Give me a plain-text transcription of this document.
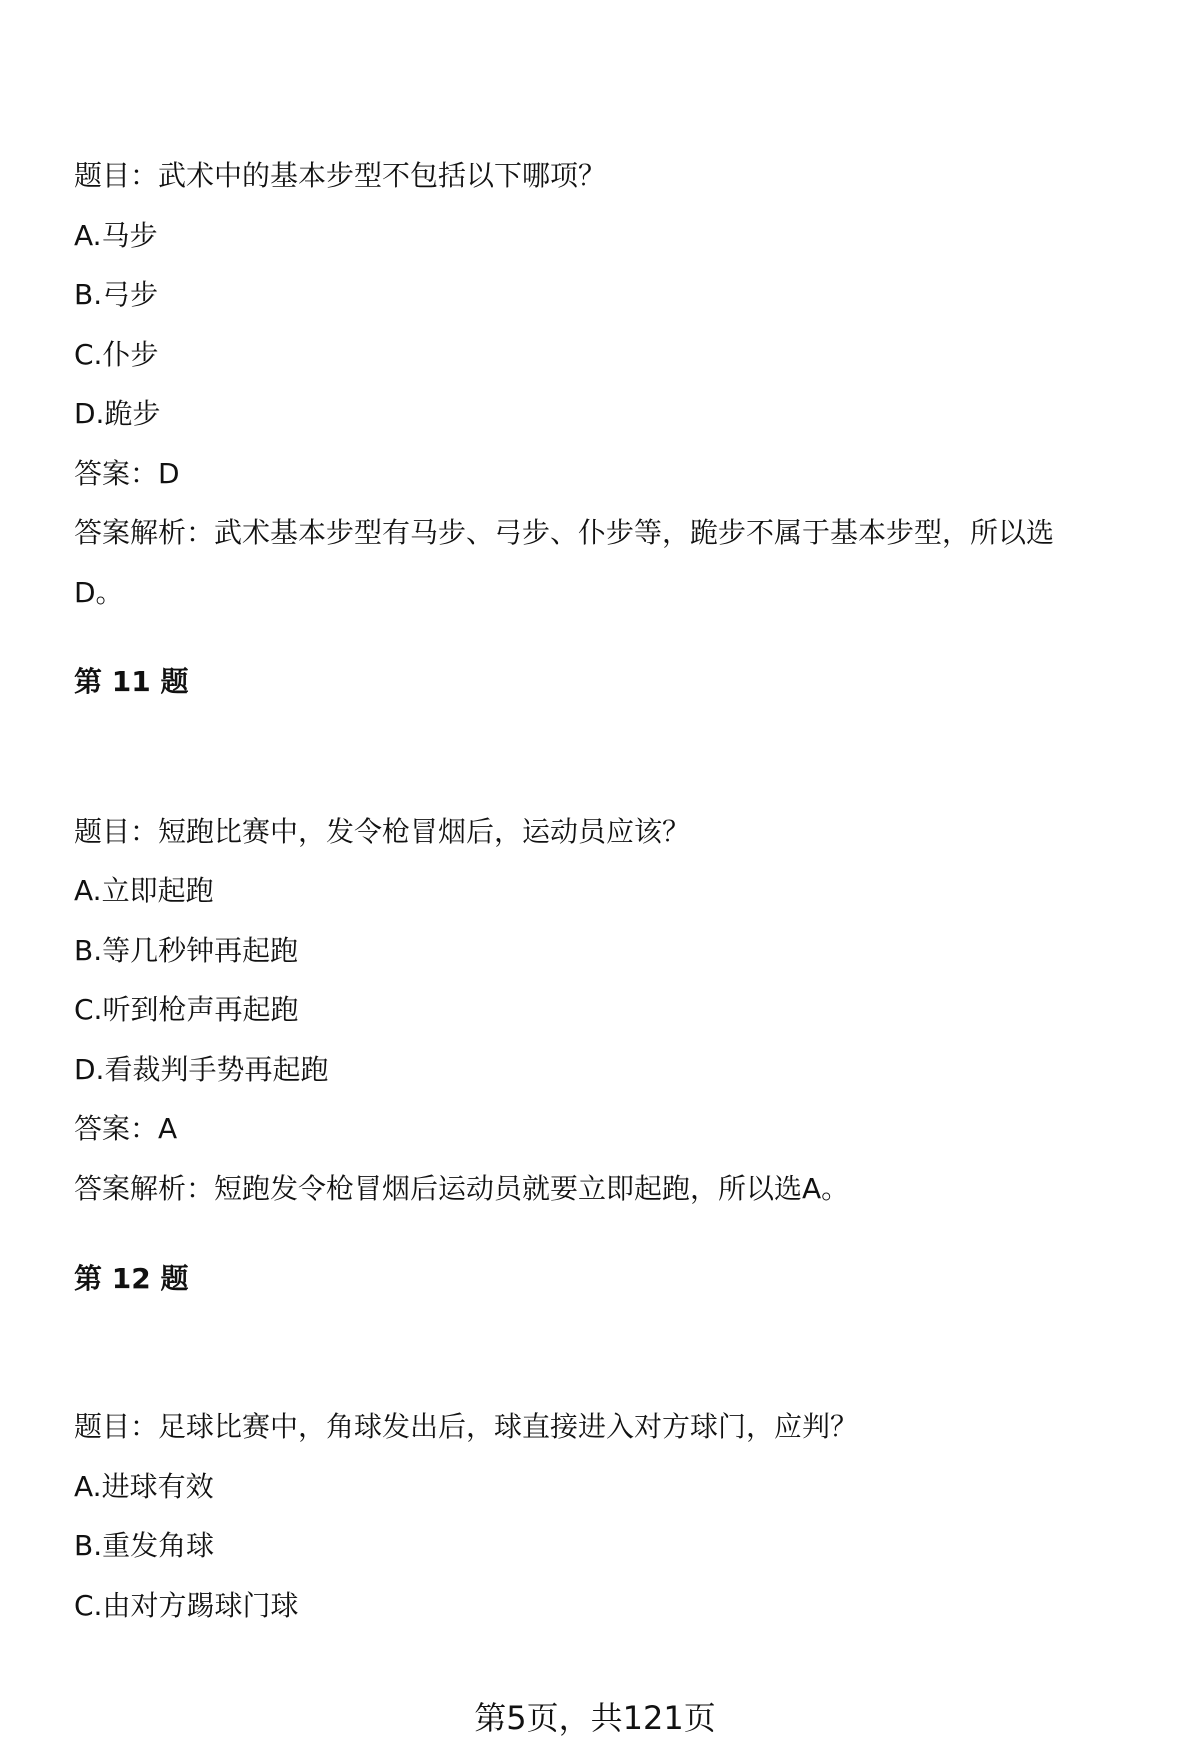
题目：武术中的基本步型不包括以下哪项？
A.马步
B.弓步
C.仆步
D.跪步
答案：D
答案解析：武术基本步型有马步、弓步、仆步等，跪步不属于基本步型，所以选
D。
第 11 题
题目：短跑比赛中，发令枪冒烟后，运动员应该？
A.立即起跑
B.等几秒钟再起跑
C.听到枪声再起跑
D.看裁判手势再起跑
答案：A
答案解析：短跑发令枪冒烟后运动员就要立即起跑，所以选A。
第 12 题
题目：足球比赛中，角球发出后，球直接进入对方球门，应判？
A.进球有效
B.重发角球
C.由对方踢球门球
第5页，共121页
